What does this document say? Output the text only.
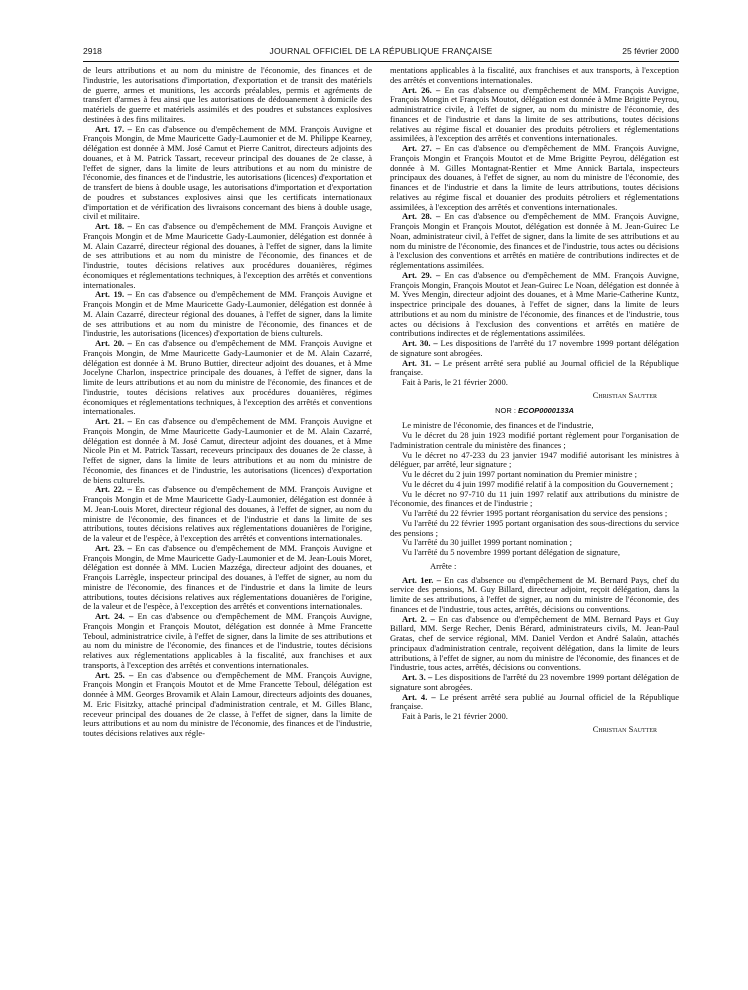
2918	JOURNAL OFFICIEL DE LA RÉPUBLIQUE FRANÇAISE	25 février 2000

de leurs attributions et au nom du ministre de l'économie, des finances et de l'industrie, les autorisations d'importation, d'exportation et de transit des matériels de guerre, armes et munitions, les accords préalables, permis et agréments de transfert d'armes à feu ainsi que les autorisations de dédouanement à domicile des matériels de guerre et matériels assimilés et des poudres et substances explosives destinées à des fins militaires.

Art. 17. – En cas d'absence ou d'empêchement de MM. François Auvigne et François Mongin, de Mme Mauricette Gady-Laumonier et de M. Philippe Kearney, délégation est donnée à MM. José Camut et Pierre Canitrot, directeurs adjoints des douanes, et à M. Patrick Tassart, receveur principal des douanes de 2e classe, à l'effet de signer, dans la limite de leurs attributions et au nom du ministre de l'économie, des finances et de l'industrie, les autorisations (licences) d'exportation et de transfert de biens à double usage, les autorisations d'importation et d'exportation de poudres et substances explosives ainsi que les certificats internationaux d'importation et de vérification des livraisons concernant des biens à double usage, civil et militaire.

Art. 18. – En cas d'absence ou d'empêchement de MM. François Auvigne et François Mongin et de Mme Mauricette Gady-Laumonier, délégation est donnée à M. Alain Cazarré, directeur régional des douanes, à l'effet de signer, dans la limite de ses attributions et au nom du ministre de l'économie, des finances et de l'industrie, toutes décisions relatives aux procédures douanières, régimes économiques et réglementations techniques, à l'exception des arrêtés et conventions internationales.

Art. 19. – En cas d'absence ou d'empêchement de MM. François Auvigne et François Mongin et de Mme Mauricette Gady-Laumonier, délégation est donnée à M. Alain Cazarré, directeur régional des douanes, à l'effet de signer, dans la limite de ses attributions et au nom du ministre de l'économie, des finances et de l'industrie, les autorisations (licences) d'exportation de biens culturels.

Art. 20. – En cas d'absence ou d'empêchement de MM. François Auvigne et François Mongin, de Mme Mauricette Gady-Laumonier et de M. Alain Cazarré, délégation est donnée à M. Bruno Buttier, directeur adjoint des douanes, et à Mme Jocelyne Charlon, inspectrice principale des douanes, à l'effet de signer, dans la limite de leurs attributions et au nom du ministre de l'économie, des finances et de l'industrie, toutes décisions relatives aux procédures douanières, régimes économiques et réglementations techniques, à l'exception des arrêtés et conventions internationales.

Art. 21. – En cas d'absence ou d'empêchement de MM. François Auvigne et François Mongin, de Mme Mauricette Gady-Laumonier et de M. Alain Cazarré, délégation est donnée à M. José Camut, directeur adjoint des douanes, et à Mme Nicole Pin et M. Patrick Tassart, receveurs principaux des douanes de 2e classe, à l'effet de signer, dans la limite de leurs attributions et au nom du ministre de l'économie, des finances et de l'industrie, les autorisations (licences) d'exportation de biens culturels.

Art. 22. – En cas d'absence ou d'empêchement de MM. François Auvigne et François Mongin et de Mme Mauricette Gady-Laumonier, délégation est donnée à M. Jean-Louis Moret, directeur régional des douanes, à l'effet de signer, au nom du ministre de l'économie, des finances et de l'industrie et dans la limite de ses attributions, toutes décisions relatives aux réglementations douanières de l'origine, de la valeur et de l'espèce, à l'exception des arrêtés et conventions internationales.

Art. 23. – En cas d'absence ou d'empêchement de MM. François Auvigne et François Mongin, de Mme Mauricette Gady-Laumonier et de M. Jean-Louis Moret, délégation est donnée à MM. Lucien Mazzéga, directeur adjoint des douanes, et François Larrègle, inspecteur principal des douanes, à l'effet de signer, au nom du ministre de l'économie, des finances et de l'industrie et dans la limite de leurs attributions, toutes décisions relatives aux réglementations douanières de l'origine, de la valeur et de l'espèce, à l'exception des arrêtés et conventions internationales.

Art. 24. – En cas d'absence ou d'empêchement de MM. François Auvigne, François Mongin et François Moutot, délégation est donnée à Mme Francette Teboul, administratrice civile, à l'effet de signer, dans la limite de ses attributions et au nom du ministre de l'économie, des finances et de l'industrie, toutes décisions relatives aux réglementations applicables à la fiscalité, aux franchises et aux transports, à l'exception des arrêtés et conventions internationales.

Art. 25. – En cas d'absence ou d'empêchement de MM. François Auvigne, François Mongin et François Moutot et de Mme Francette Teboul, délégation est donnée à MM. Georges Brovamik et Alain Lamour, directeurs adjoints des douanes, M. Eric Fisitzky, attaché principal d'administration centrale, et M. Gilles Blanc, receveur principal des douanes de 2e classe, à l'effet de signer, dans la limite de leurs attributions et au nom du ministre de l'économie, des finances et de l'industrie, toutes décisions relatives aux régle-

mentations applicables à la fiscalité, aux franchises et aux transports, à l'exception des arrêtés et conventions internationales.

Art. 26. – En cas d'absence ou d'empêchement de MM. François Auvigne, François Mongin et François Moutot, délégation est donnée à Mme Brigitte Peyrou, administratrice civile, à l'effet de signer, au nom du ministre de l'économie, des finances et de l'industrie et dans la limite de ses attributions, toutes décisions relatives au régime fiscal et douanier des produits pétroliers et réglementations assimilées, à l'exception des arrêtés et conventions internationales.

Art. 27. – En cas d'absence ou d'empêchement de MM. François Auvigne, François Mongin et François Moutot et de Mme Brigitte Peyrou, délégation est donnée à M. Gilles Montagnat-Rentier et Mme Annick Bartala, inspecteurs principaux des douanes, à l'effet de signer, au nom du ministre de l'économie, des finances et de l'industrie et dans la limite de leurs attributions, toutes décisions relatives au régime fiscal et douanier des produits pétroliers et réglementations assimilées, à l'exception des arrêtés et conventions internationales.

Art. 28. – En cas d'absence ou d'empêchement de MM. François Auvigne, François Mongin et François Moutot, délégation est donnée à M. Jean-Guirec Le Noan, administrateur civil, à l'effet de signer, dans la limite de ses attributions et au nom du ministre de l'économie, des finances et de l'industrie, tous actes ou décisions à l'exclusion des conventions et arrêtés en matière de contributions indirectes et de réglementations assimilées.

Art. 29. – En cas d'absence ou d'empêchement de MM. François Auvigne, François Mongin, François Moutot et Jean-Guirec Le Noan, délégation est donnée à M. Yves Mengin, directeur adjoint des douanes, et à Mme Marie-Catherine Kuntz, inspectrice principale des douanes, à l'effet de signer, dans la limite de leurs attributions et au nom du ministre de l'économie, des finances et de l'industrie, tous actes ou décisions à l'exclusion des conventions et arrêtés en matière de contributions indirectes et de réglementations assimilées.

Art. 30. – Les dispositions de l'arrêté du 17 novembre 1999 portant délégation de signature sont abrogées.

Art. 31. – Le présent arrêté sera publié au Journal officiel de la République française.

Fait à Paris, le 21 février 2000.

Christian Sautter

NOR : ECOP0000133A

Le ministre de l'économie, des finances et de l'industrie,

Vu le décret du 28 juin 1923 modifié portant règlement pour l'organisation de l'administration centrale du ministère des finances ;

Vu le décret no 47-233 du 23 janvier 1947 modifié autorisant les ministres à déléguer, par arrêté, leur signature ;

Vu le décret du 2 juin 1997 portant nomination du Premier ministre ;

Vu le décret du 4 juin 1997 modifié relatif à la composition du Gouvernement ;

Vu le décret no 97-710 du 11 juin 1997 relatif aux attributions du ministre de l'économie, des finances et de l'industrie ;

Vu l'arrêté du 22 février 1995 portant réorganisation du service des pensions ;

Vu l'arrêté du 22 février 1995 portant organisation des sous-directions du service des pensions ;

Vu l'arrêté du 30 juillet 1999 portant nomination ;

Vu l'arrêté du 5 novembre 1999 portant délégation de signature,

Arrête :

Art. 1er. – En cas d'absence ou d'empêchement de M. Bernard Pays, chef du service des pensions, M. Guy Billard, directeur adjoint, reçoit délégation, dans la limite de ses attributions, à l'effet de signer, au nom du ministre de l'économie, des finances et de l'industrie, tous actes, arrêtés, décisions ou conventions.

Art. 2. – En cas d'absence ou d'empêchement de MM. Bernard Pays et Guy Billard, MM. Serge Recher, Denis Bérard, administrateurs civils, M. Jean-Paul Gratas, chef de service régional, MM. Daniel Verdon et André Salaün, attachés principaux d'administration centrale, reçoivent délégation, dans la limite de leurs attributions, à l'effet de signer, au nom du ministre de l'économie, des finances et de l'industrie, tous actes, arrêtés, décisions ou conventions.

Art. 3. – Les dispositions de l'arrêté du 23 novembre 1999 portant délégation de signature sont abrogées.

Art. 4. – Le présent arrêté sera publié au Journal officiel de la République française.

Fait à Paris, le 21 février 2000.

Christian Sautter
